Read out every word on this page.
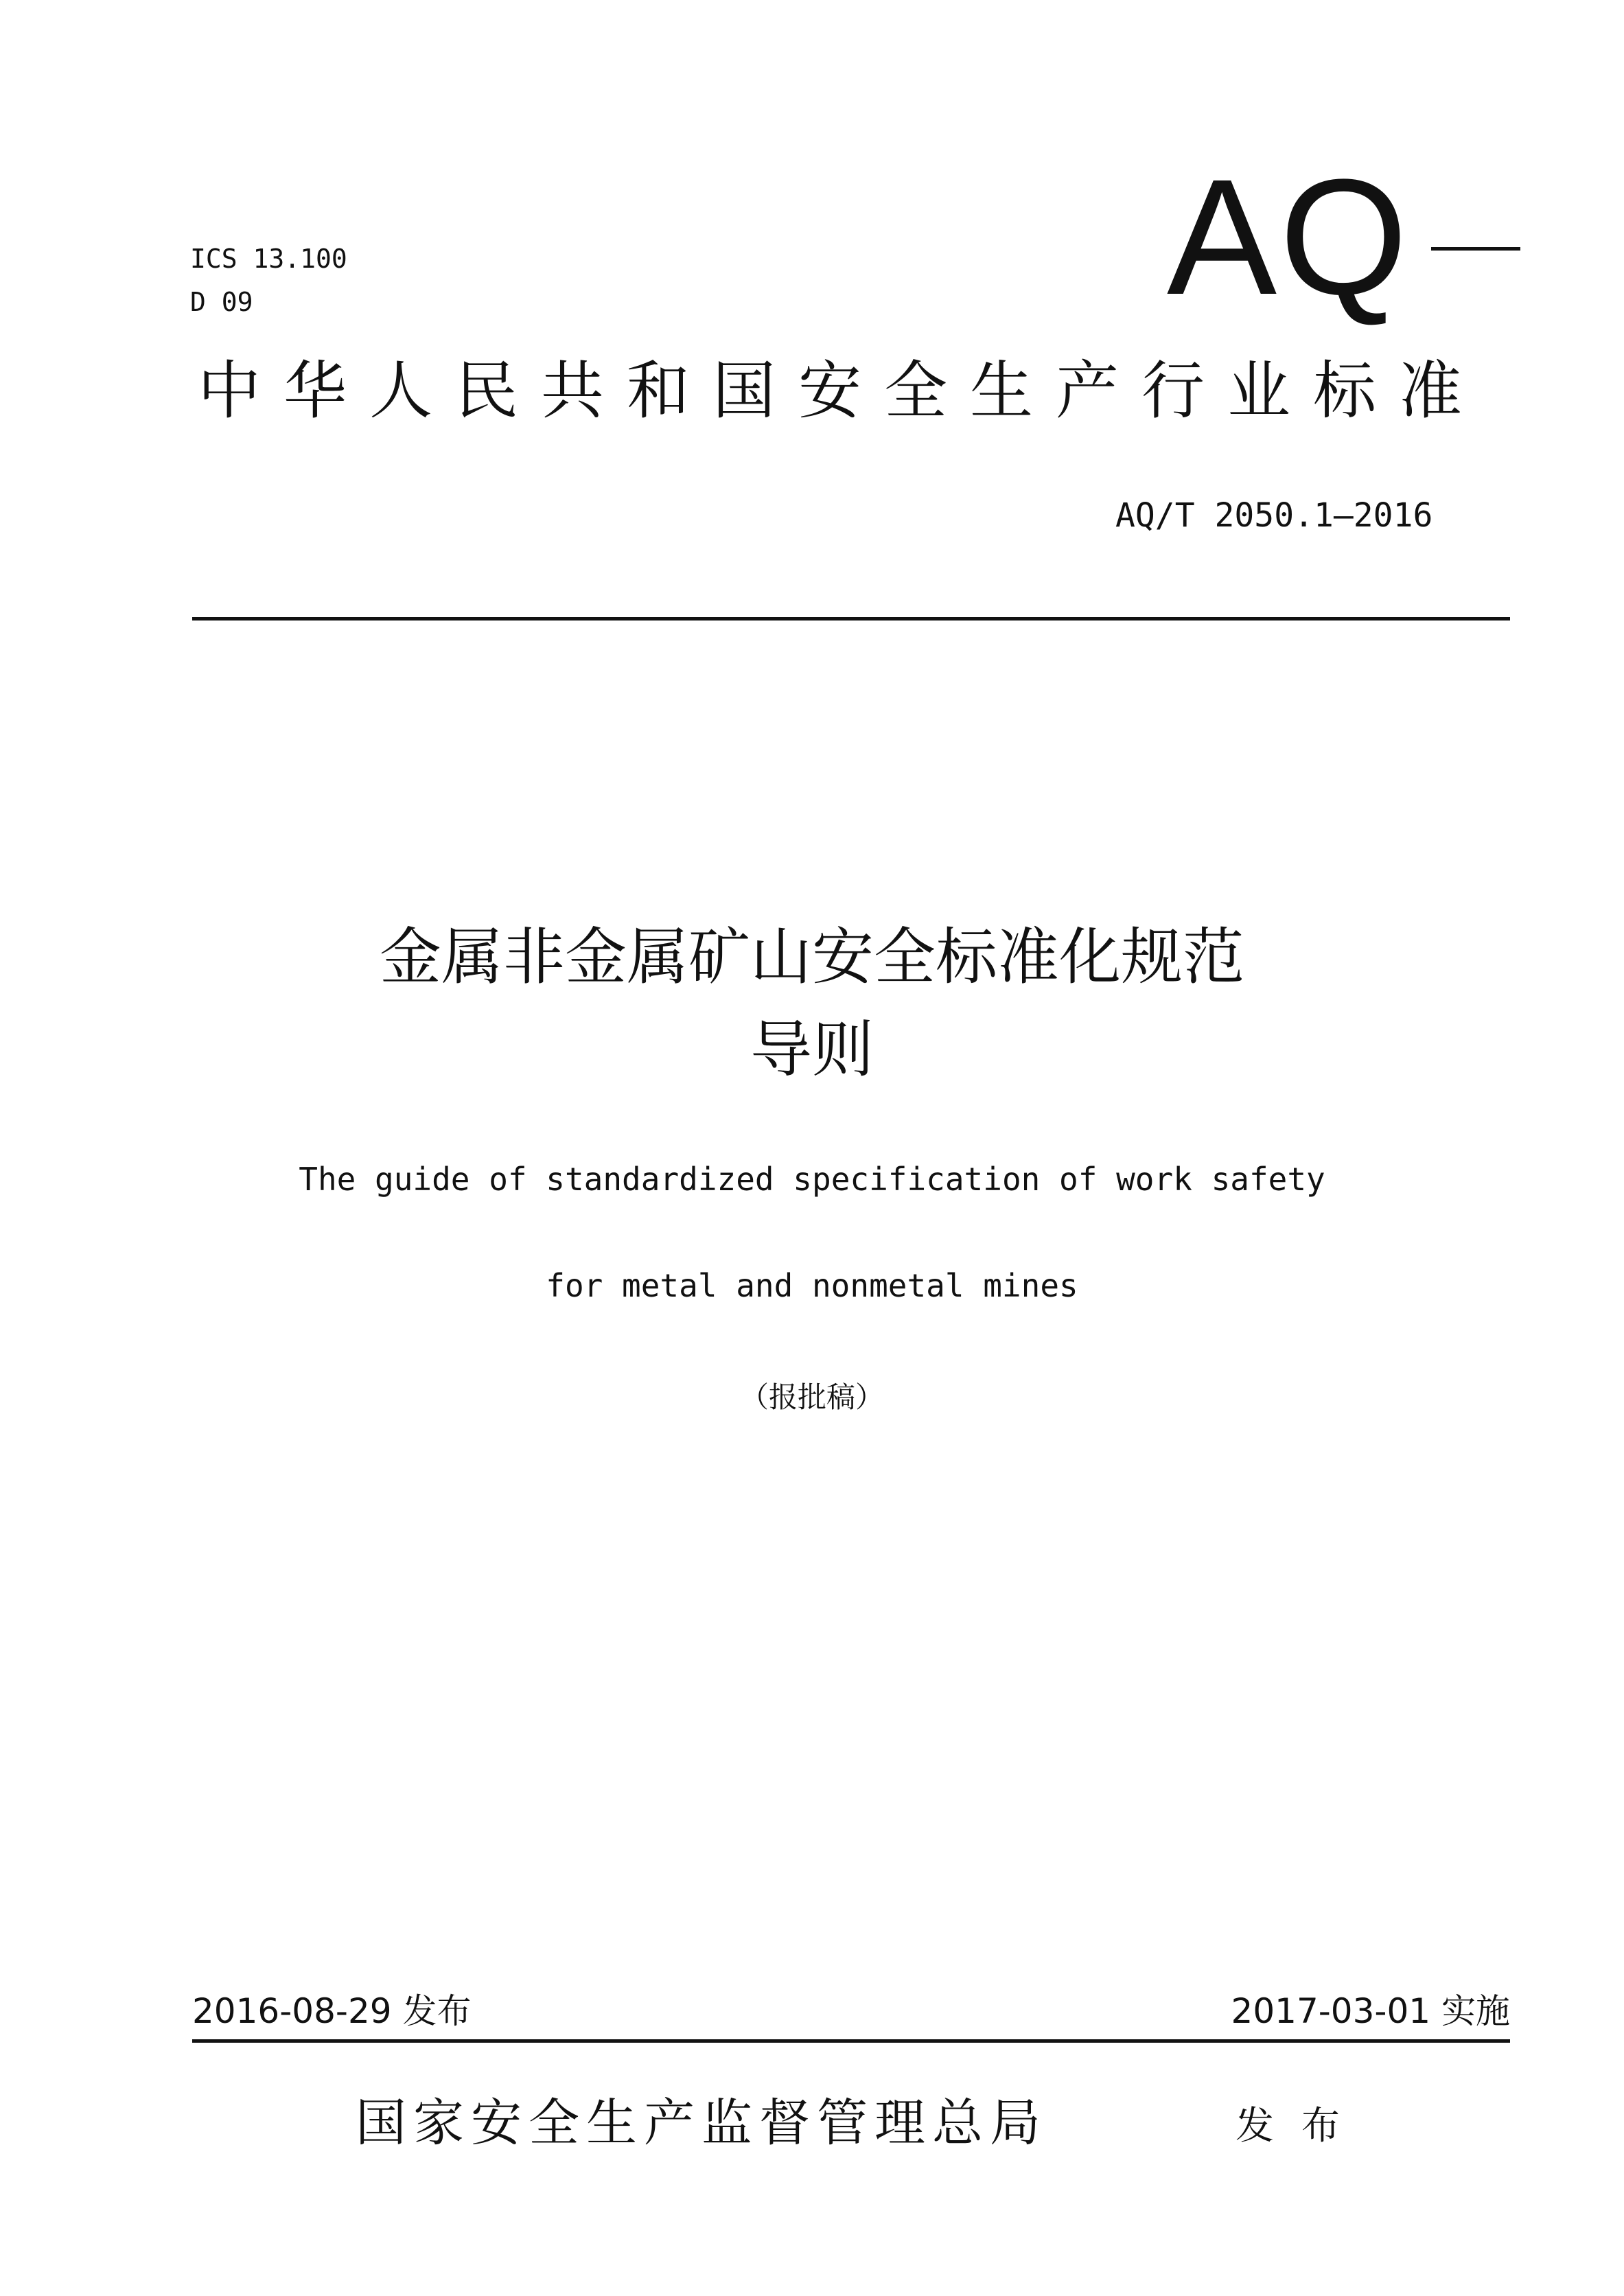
ICS 13.100
D 09	AQ
中华人民共和国安全生产行业标准
AQ/T 2050.1—2016
金属非金属矿山安全标准化规范
导则
The guide of standardized specification of work safety
for metal and nonmetal mines
（报批稿）
2016-08-29 发布	2017-03-01 实施
国家安全生产监督管理总局	发布
